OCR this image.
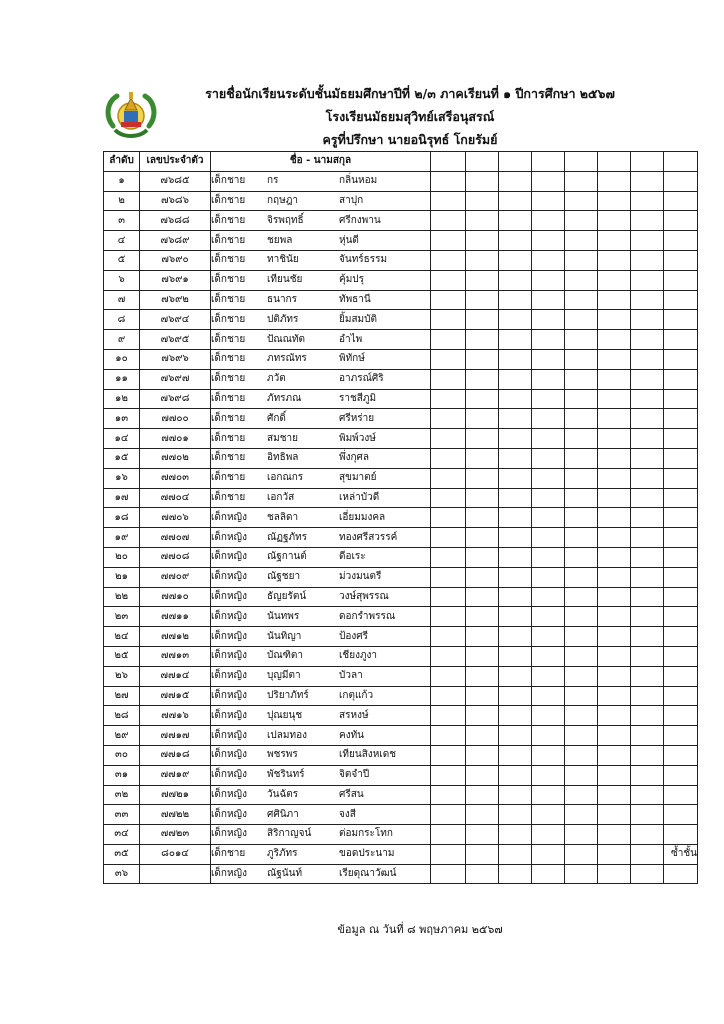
รายชื่อนักเรียนระดับชั้นมัธยมศึกษาปีที่ ๒/๓ ภาคเรียนที่ ๑ ปีการศึกษา ๒๕๖๗
โรงเรียนมัธยมสุวิทย์เสรีอนุสรณ์
ครูที่ปรึกษา นายอนิรุทธ์ โกยรัมย์
ลำดับ	เลขประจำตัว	ชื่อ - นามสกุล								
๑	๗๖๘๕	เด็กชาย กร กลิ่นหอม								
๒	๗๖๘๖	เด็กชาย กฤษฎา สาปุก								
๓	๗๖๘๘	เด็กชาย จิรพฤทธิ์ ศรีกงพาน								
๔	๗๖๘๙	เด็กชาย ชยพล หุ่นดี								
๕	๗๖๙๐	เด็กชาย ทาชินัย จันทร์ธรรม								
๖	๗๖๙๑	เด็กชาย เทียนชัย คุ้มปรุ								
๗	๗๖๙๒	เด็กชาย ธนากร ทัพธานี								
๘	๗๖๙๔	เด็กชาย ปติภัทร ยิ้มสมบัติ								
๙	๗๖๙๕	เด็กชาย ปัณณทัต อำไพ								
๑๐	๗๖๙๖	เด็กชาย ภทรณัทร พิทักษ์								
๑๑	๗๖๙๗	เด็กชาย ภวัต อาภรณ์ศิริ								
๑๒	๗๖๙๘	เด็กชาย ภัทรภณ ราชสีภูมิ								
๑๓	๗๗๐๐	เด็กชาย ศักดิ์ ศรีหร่าย								
๑๔	๗๗๐๑	เด็กชาย สมชาย พิมพ์วงษ์								
๑๕	๗๗๐๒	เด็กชาย อิทธิพล พึ่งกุศล								
๑๖	๗๗๐๓	เด็กชาย เอกณกร สุขมาตย์								
๑๗	๗๗๐๔	เด็กชาย เอกวัส เหล่าบัวดี								
๑๘	๗๗๐๖	เด็กหญิง ชลลิดา เอี่ยมมงคล								
๑๙	๗๗๐๗	เด็กหญิง ณัฏฐภัทร ทองศรีสวรรค์								
๒๐	๗๗๐๘	เด็กหญิง ณัฐกานต์ ดีอเระ								
๒๑	๗๗๐๙	เด็กหญิง ณัฐชยา ม่วงมนตรี								
๒๒	๗๗๑๐	เด็กหญิง ธัญยรัตน์ วงษ์สุพรรณ								
๒๓	๗๗๑๑	เด็กหญิง นันทพร ดอกรำพรรณ								
๒๔	๗๗๑๒	เด็กหญิง นันทิญา ป้องศรี								
๒๕	๗๗๑๓	เด็กหญิง บัณฑิตา เชียงภูงา								
๒๖	๗๗๑๔	เด็กหญิง บุญมีตา บัวลา								
๒๗	๗๗๑๕	เด็กหญิง ปริยาภัทร์ เกตุแก้ว								
๒๘	๗๗๑๖	เด็กหญิง ปุณยนุช สรหงษ์								
๒๙	๗๗๑๗	เด็กหญิง เปลมทอง คงทัน								
๓๐	๗๗๑๘	เด็กหญิง พชรพร เทียนสิงหเดช								
๓๑	๗๗๑๙	เด็กหญิง พัชรินทร์ จิตจำปี								
๓๒	๗๗๒๑	เด็กหญิง วันฉัตร ศรีสน								
๓๓	๗๗๒๒	เด็กหญิง ศศินิภา จงสี								
๓๔	๗๗๒๓	เด็กหญิง สิริกาญจน์ ต่อมกระโทก								
๓๕	๘๐๑๔	เด็กชาย ภูริภัทร ขอดประนาม								ซ้ำชั้น
๓๖		เด็กหญิง ณัฐนันท์ เรียดุณาวัฒน์								
ข้อมูล ณ วันที่ ๘ พฤษภาคม ๒๕๖๗
